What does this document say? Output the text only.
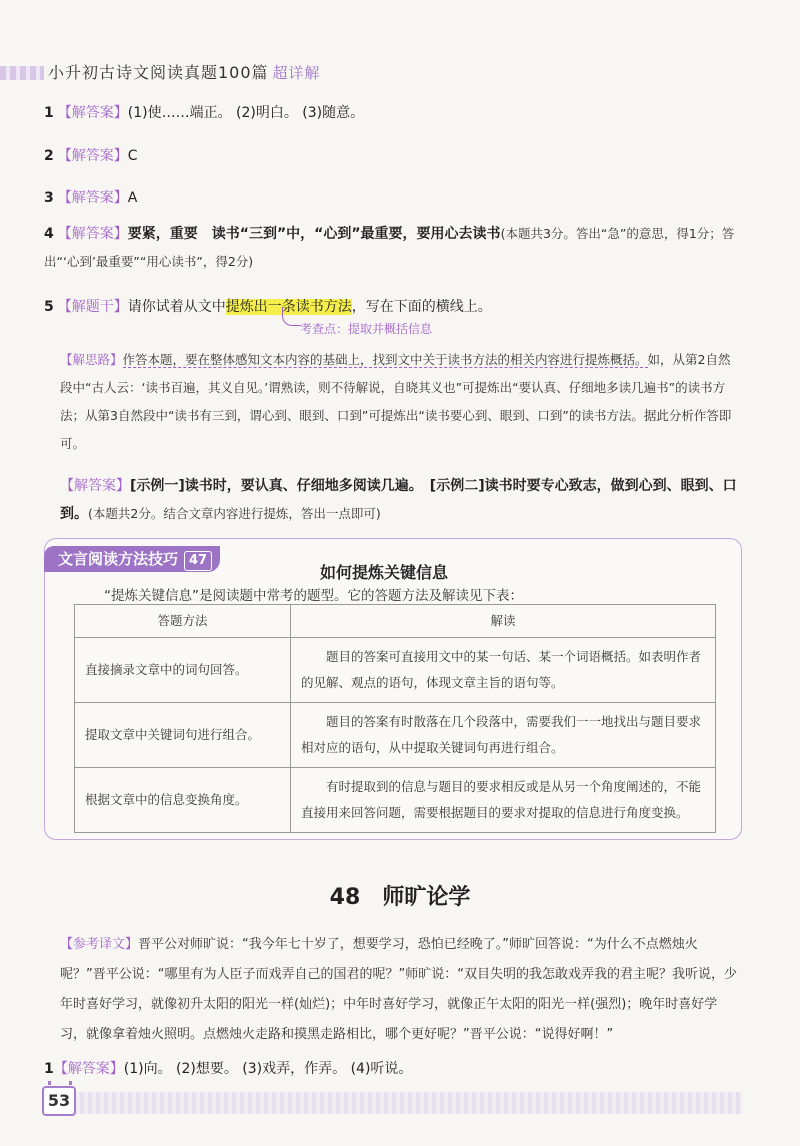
小升初古诗文阅读真题100篇 超详解
1 【解答案】(1)使……端正。 (2)明白。 (3)随意。
2 【解答案】C
3 【解答案】A
4 【解答案】要紧，重要　读书“三到”中，“心到”最重要，要用心去读书(本题共3分。答出“急”的意思，得1分；答出“‘心到’最重要”“用心读书”，得2分)
5 【解题干】请你试着从文中提炼出一条读书方法，写在下面的横线上。
考查点：提取并概括信息
【解思路】作答本题，要在整体感知文本内容的基础上，找到文中关于读书方法的相关内容进行提炼概括。如，从第2自然段中“古人云：‘读书百遍，其义自见。’谓熟读，则不待解说，自晓其义也”可提炼出“要认真、仔细地多读几遍书”的读书方法；从第3自然段中“读书有三到，谓心到、眼到、口到”可提炼出“读书要心到、眼到、口到”的读书方法。据此分析作答即可。
【解答案】[示例一]读书时，要认真、仔细地多阅读几遍。　 [示例二]读书时要专心致志，做到心到、眼到、口到。(本题共2分。结合文章内容进行提炼，答出一点即可)
文言阅读方法技巧 47
如何提炼关键信息
“提炼关键信息”是阅读题中常考的题型。它的答题方法及解读见下表：
答题方法	解读
直接摘录文章中的词句回答。	题目的答案可直接用文中的某一句话、某一个词语概括。如表明作者的见解、观点的语句，体现文章主旨的语句等。
提取文章中关键词句进行组合。	题目的答案有时散落在几个段落中，需要我们一一地找出与题目要求相对应的语句，从中提取关键词句再进行组合。
根据文章中的信息变换角度。	有时提取到的信息与题目的要求相反或是从另一个角度阐述的，不能直接用来回答问题，需要根据题目的要求对提取的信息进行角度变换。
48　 师旷论学
【参考译文】晋平公对师旷说：“我今年七十岁了，想要学习，恐怕已经晚了。”师旷回答说：“为什么不点燃烛火呢？”晋平公说：“哪里有为人臣子而戏弄自己的国君的呢？”师旷说：“双目失明的我怎敢戏弄我的君主呢？我听说，少年时喜好学习，就像初升太阳的阳光一样(灿烂)；中年时喜好学习，就像正午太阳的阳光一样(强烈)；晚年时喜好学习，就像拿着烛火照明。点燃烛火走路和摸黑走路相比，哪个更好呢？”晋平公说：“说得好啊！”
1【解答案】(1)向。 (2)想要。 (3)戏弄，作弄。 (4)听说。
53
